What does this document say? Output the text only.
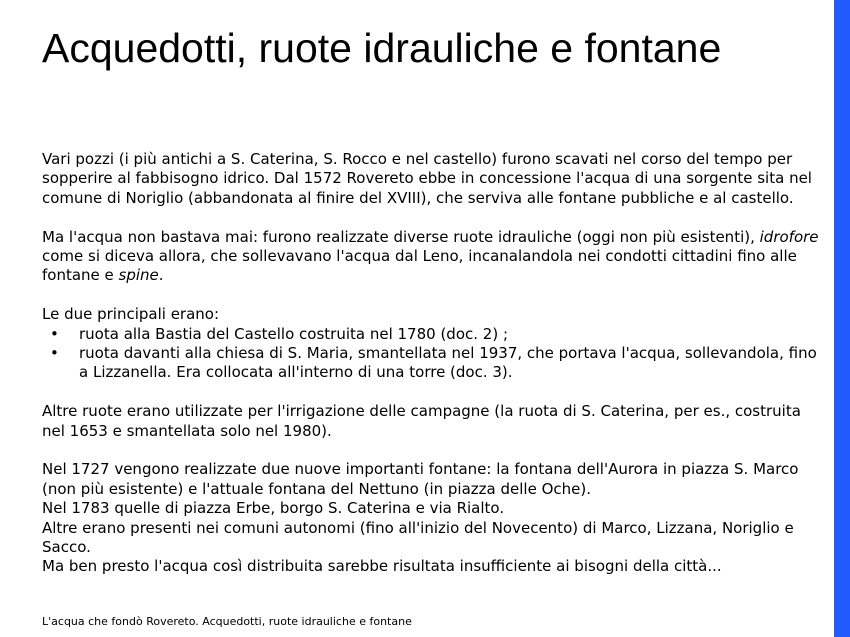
Acquedotti, ruote idrauliche e fontane

Vari pozzi (i più antichi a S. Caterina, S. Rocco e nel castello) furono scavati nel corso del tempo per sopperire al fabbisogno idrico. Dal 1572 Rovereto ebbe in concessione l'acqua di una sorgente sita nel comune di Noriglio (abbandonata al finire del XVIII), che serviva alle fontane pubbliche e al castello.

Ma l'acqua non bastava mai: furono realizzate diverse ruote idrauliche (oggi non più esistenti), idrofore come si diceva allora, che sollevavano l'acqua dal Leno, incanalandola nei condotti cittadini fino alle fontane e spine.

Le due principali erano:

• ruota alla Bastia del Castello costruita nel 1780 (doc. 2) ;
• ruota davanti alla chiesa di S. Maria, smantellata nel 1937, che portava l'acqua, sollevandola, fino a Lizzanella. Era collocata all'interno di una torre (doc. 3).

Altre ruote erano utilizzate per l'irrigazione delle campagne (la ruota di S. Caterina, per es., costruita nel 1653 e smantellata solo nel 1980).

Nel 1727 vengono realizzate due nuove importanti fontane: la fontana dell'Aurora in piazza S. Marco (non più esistente) e l'attuale fontana del Nettuno (in piazza delle Oche).

Nel 1783 quelle di piazza Erbe, borgo S. Caterina e via Rialto.

Altre erano presenti nei comuni autonomi (fino all'inizio del Novecento) di Marco, Lizzana, Noriglio e Sacco.

Ma ben presto l'acqua così distribuita sarebbe risultata insufficiente ai bisogni della città...

L'acqua che fondò Rovereto. Acquedotti, ruote idrauliche e fontane
